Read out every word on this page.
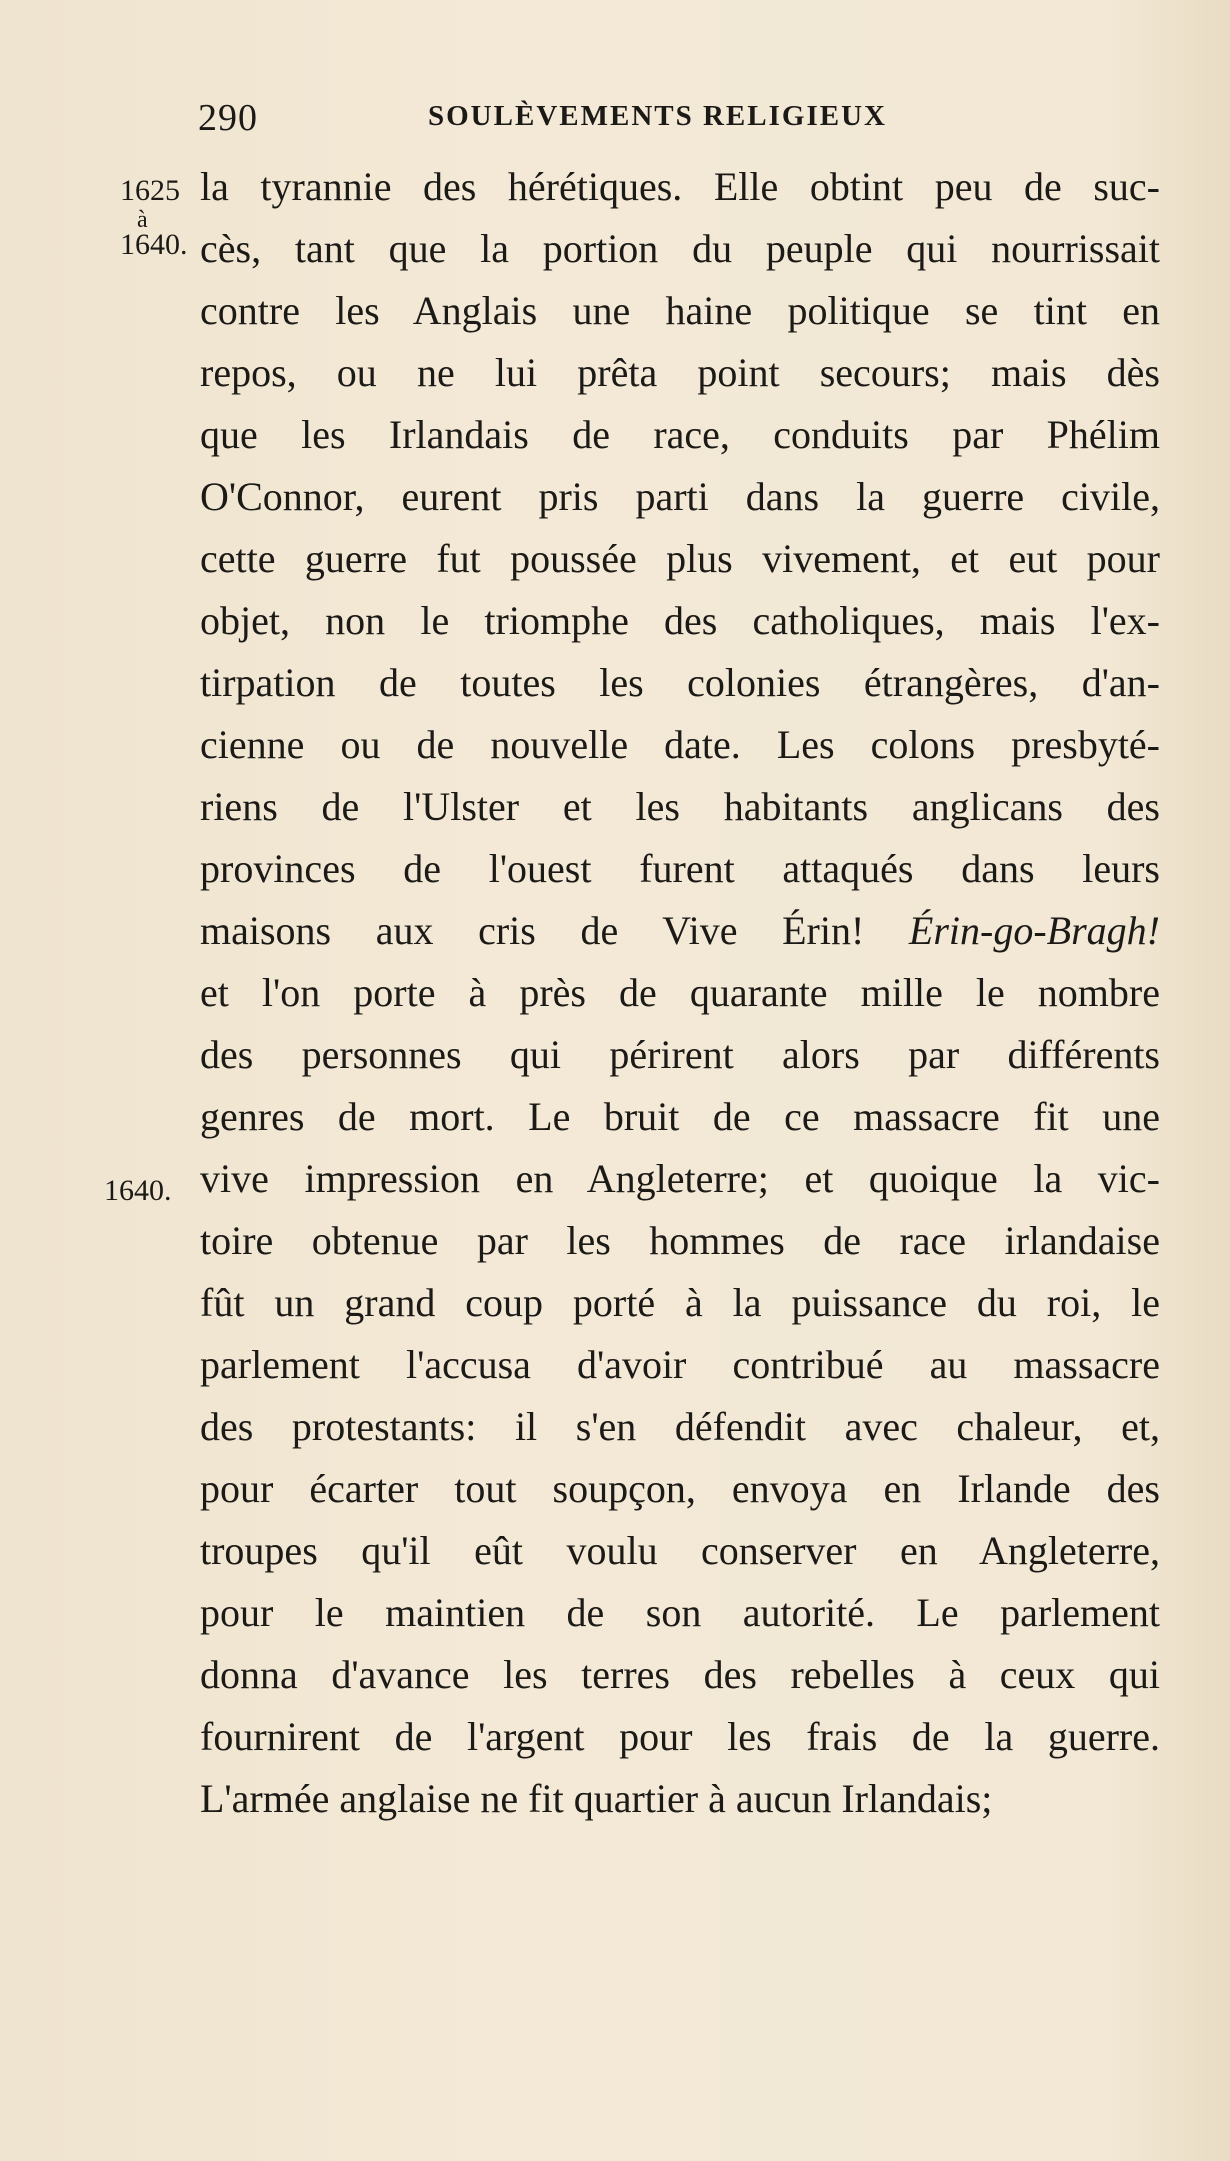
290	SOULÈVEMENTS RELIGIEUX
1625
à
1640.
1640.
la tyrannie des hérétiques. Elle obtint peu de suc-
cès, tant que la portion du peuple qui nourrissait
contre les Anglais une haine politique se tint en
repos, ou ne lui prêta point secours; mais dès
que les Irlandais de race, conduits par Phélim
O'Connor, eurent pris parti dans la guerre civile,
cette guerre fut poussée plus vivement, et eut pour
objet, non le triomphe des catholiques, mais l'ex-
tirpation de toutes les colonies étrangères, d'an-
cienne ou de nouvelle date. Les colons presbyté-
riens de l'Ulster et les habitants anglicans des
provinces de l'ouest furent attaqués dans leurs
maisons aux cris de Vive Érin! Érin-go-Bragh!
et l'on porte à près de quarante mille le nombre
des personnes qui périrent alors par différents
genres de mort. Le bruit de ce massacre fit une
vive impression en Angleterre; et quoique la vic-
toire obtenue par les hommes de race irlandaise
fût un grand coup porté à la puissance du roi, le
parlement l'accusa d'avoir contribué au massacre
des protestants: il s'en défendit avec chaleur, et,
pour écarter tout soupçon, envoya en Irlande des
troupes qu'il eût voulu conserver en Angleterre,
pour le maintien de son autorité. Le parlement
donna d'avance les terres des rebelles à ceux qui
fournirent de l'argent pour les frais de la guerre.
L'armée anglaise ne fit quartier à aucun Irlandais;
